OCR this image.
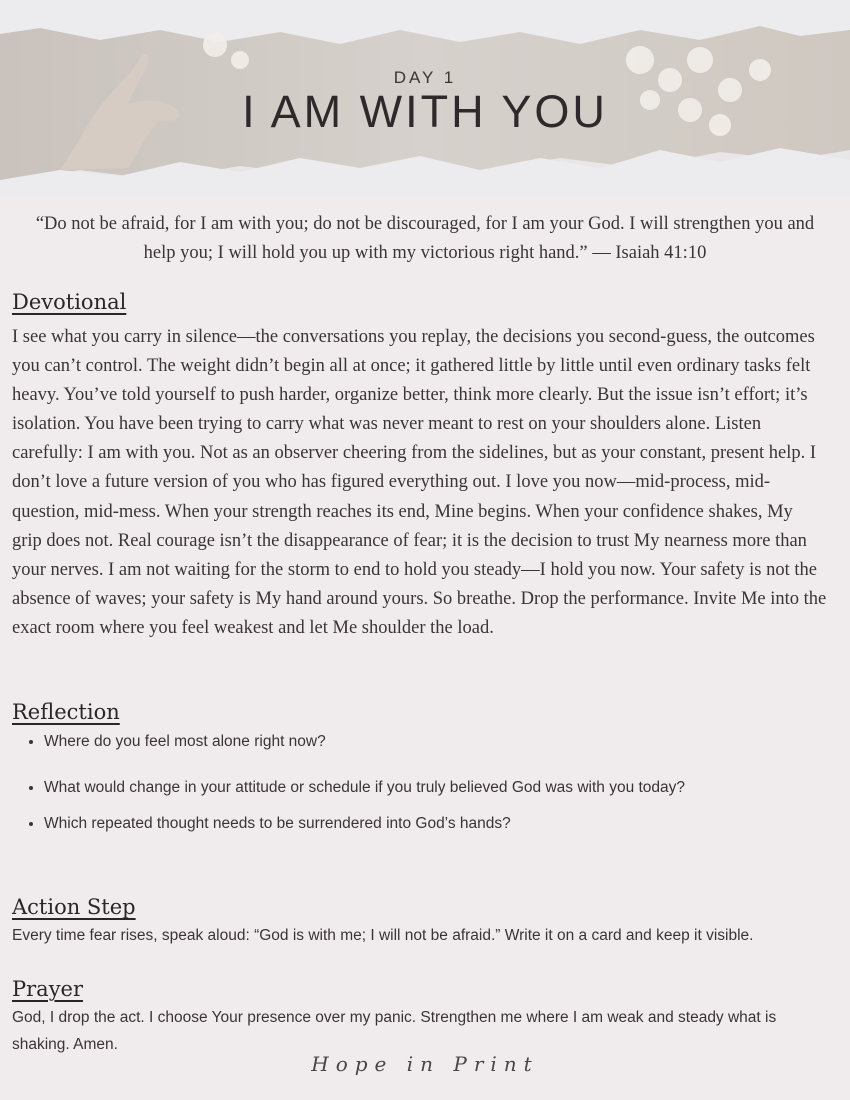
DAY 1
I AM WITH YOU
“Do not be afraid, for I am with you; do not be discouraged, for I am your God. I will strengthen you and help you; I will hold you up with my victorious right hand.” — Isaiah 41:10
Devotional
I see what you carry in silence—the conversations you replay, the decisions you second-guess, the outcomes you can’t control. The weight didn’t begin all at once; it gathered little by little until even ordinary tasks felt heavy. You’ve told yourself to push harder, organize better, think more clearly. But the issue isn’t effort; it’s isolation. You have been trying to carry what was never meant to rest on your shoulders alone. Listen carefully: I am with you. Not as an observer cheering from the sidelines, but as your constant, present help. I don’t love a future version of you who has figured everything out. I love you now—mid-process, mid-question, mid-mess. When your strength reaches its end, Mine begins. When your confidence shakes, My grip does not. Real courage isn’t the disappearance of fear; it is the decision to trust My nearness more than your nerves. I am not waiting for the storm to end to hold you steady—I hold you now. Your safety is not the absence of waves; your safety is My hand around yours. So breathe. Drop the performance. Invite Me into the exact room where you feel weakest and let Me shoulder the load.
Reflection
• Where do you feel most alone right now?
• What would change in your attitude or schedule if you truly believed God was with you today?
• Which repeated thought needs to be surrendered into God’s hands?
Action Step
Every time fear rises, speak aloud: “God is with me; I will not be afraid.” Write it on a card and keep it visible.
Prayer
God, I drop the act. I choose Your presence over my panic. Strengthen me where I am weak and steady what is shaking. Amen.
Hope in Print
